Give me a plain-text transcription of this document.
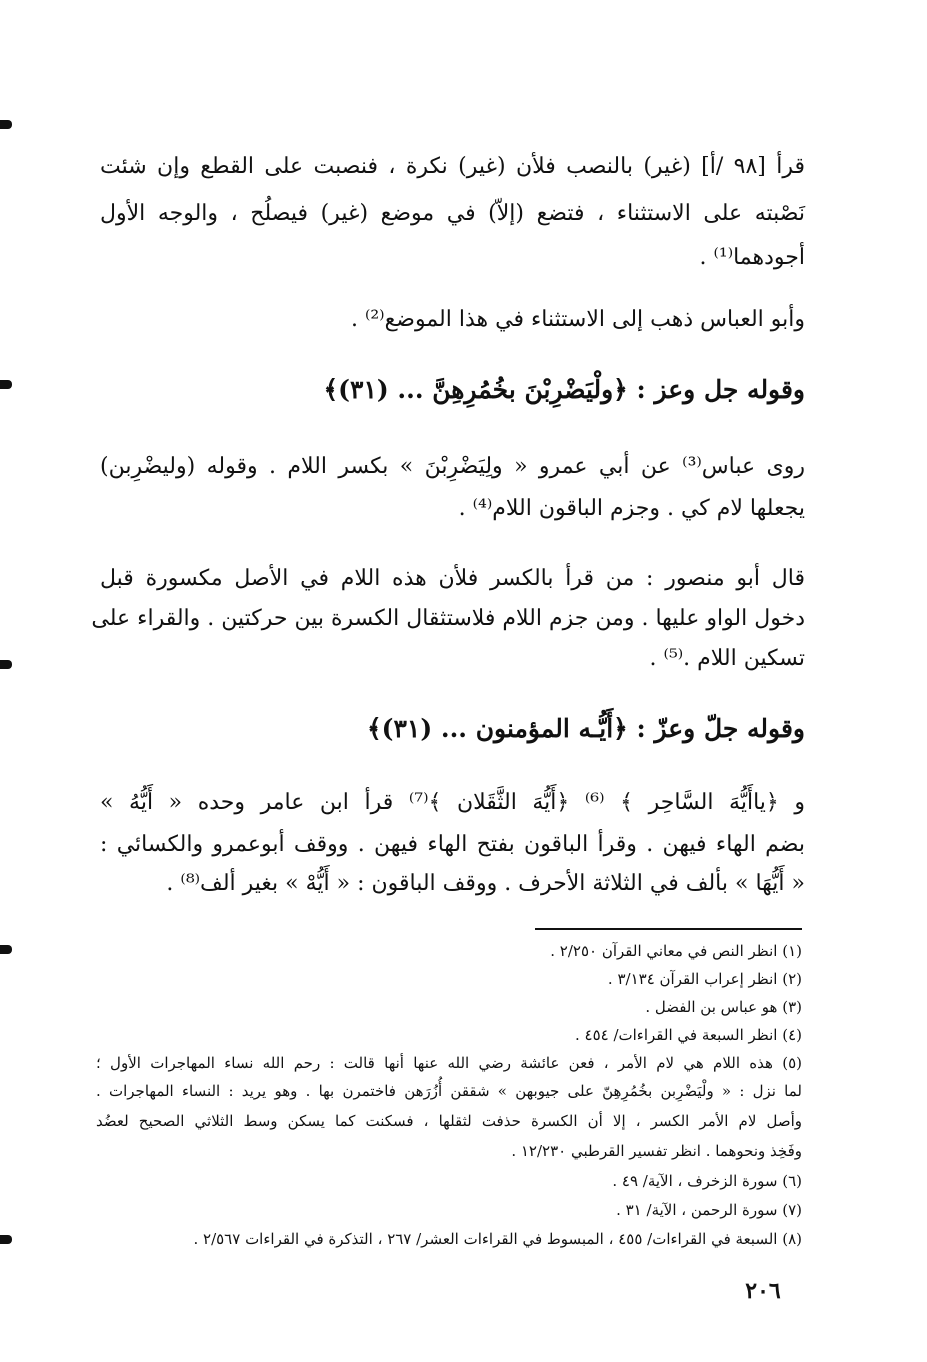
قرأ [٩٨ /أ] (غير) بالنصب فلأن (غير) نكرة ، فنصبت على القطع وإن شئت
نَصْبته على الاستثناء ، فتضع (إلاّ) في موضع (غير) فيصلُح ، والوجه الأول
أجودهما⁽¹⁾ .
وأبو العباس ذهب إلى الاستثناء في هذا الموضع⁽²⁾ .
وقوله جل وعز : ﴿ولْيَضْرِبْنَ بخُمُرِهِنَّ ... (٣١)﴾
روى عباس⁽³⁾ عن أبي عمرو « ولِيَضْرِبْنَ » بكسر اللام . وقوله (وليضْرِبن)
يجعلها لام كي . وجزم الباقون اللام⁽⁴⁾ .
قال أبو منصور : من قرأ بالكسر فلأن هذه اللام في الأصل مكسورة قبل
دخول الواو عليها . ومن جزم اللام فلاستثقال الكسرة بين حركتين . والقراء على
تسكين اللام .⁽⁵⁾ .
وقوله جلّ وعزّ : ﴿أَيُّـه المؤمنون ... (٣١)﴾
و ﴿ياأَيُّهَ السَّاحِر ﴾ ⁽⁶⁾ ﴿أَيُّهَ الثَّقَلان ﴾⁽⁷⁾ قرأ ابن عامر وحده « أَيُّهُ »
بضم الهاء فيهن . وقرأ الباقون بفتح الهاء فيهن . ووقف أبوعمرو والكسائي :
« أَيُّهَا » بألف في الثلاثة الأحرف . ووقف الباقون : « أَيُّهْ » بغير ألف⁽⁸⁾ .
(١) انظر النص في معاني القرآن ٢/٢٥٠ .
(٢) انظر إعراب القرآن ٣/١٣٤ .
(٣) هو عباس بن الفضل .
(٤) انظر السبعة في القراءات/ ٤٥٤ .
(٥) هذه اللام هي لام الأمر ، فعن عائشة رضي الله عنها أنها قالت : رحم الله نساء المهاجرات الأول ؛
لما نزل : « ولْيَضْرِبن بخُمُرِهِنّ على جيوبهن » شققن أُزُرَهن فاختمرن بها . وهو يريد : النساء المهاجرات .
وأصل لام الأمر الكسر ، إلا أن الكسرة حذفت لثقلها ، فسكنت كما يسكن وسط الثلاثي الصحيح لعضُد
وفَخِذ ونحوهما . انظر تفسير القرطبي ١٢/٢٣٠ .
(٦) سورة الزخرف ، الآية/ ٤٩ .
(٧) سورة الرحمن ، الآية/ ٣١ .
(٨) السبعة في القراءات/ ٤٥٥ ، المبسوط في القراءات العشر/ ٢٦٧ ، التذكرة في القراءات ٢/٥٦٧ .
٢٠٦
